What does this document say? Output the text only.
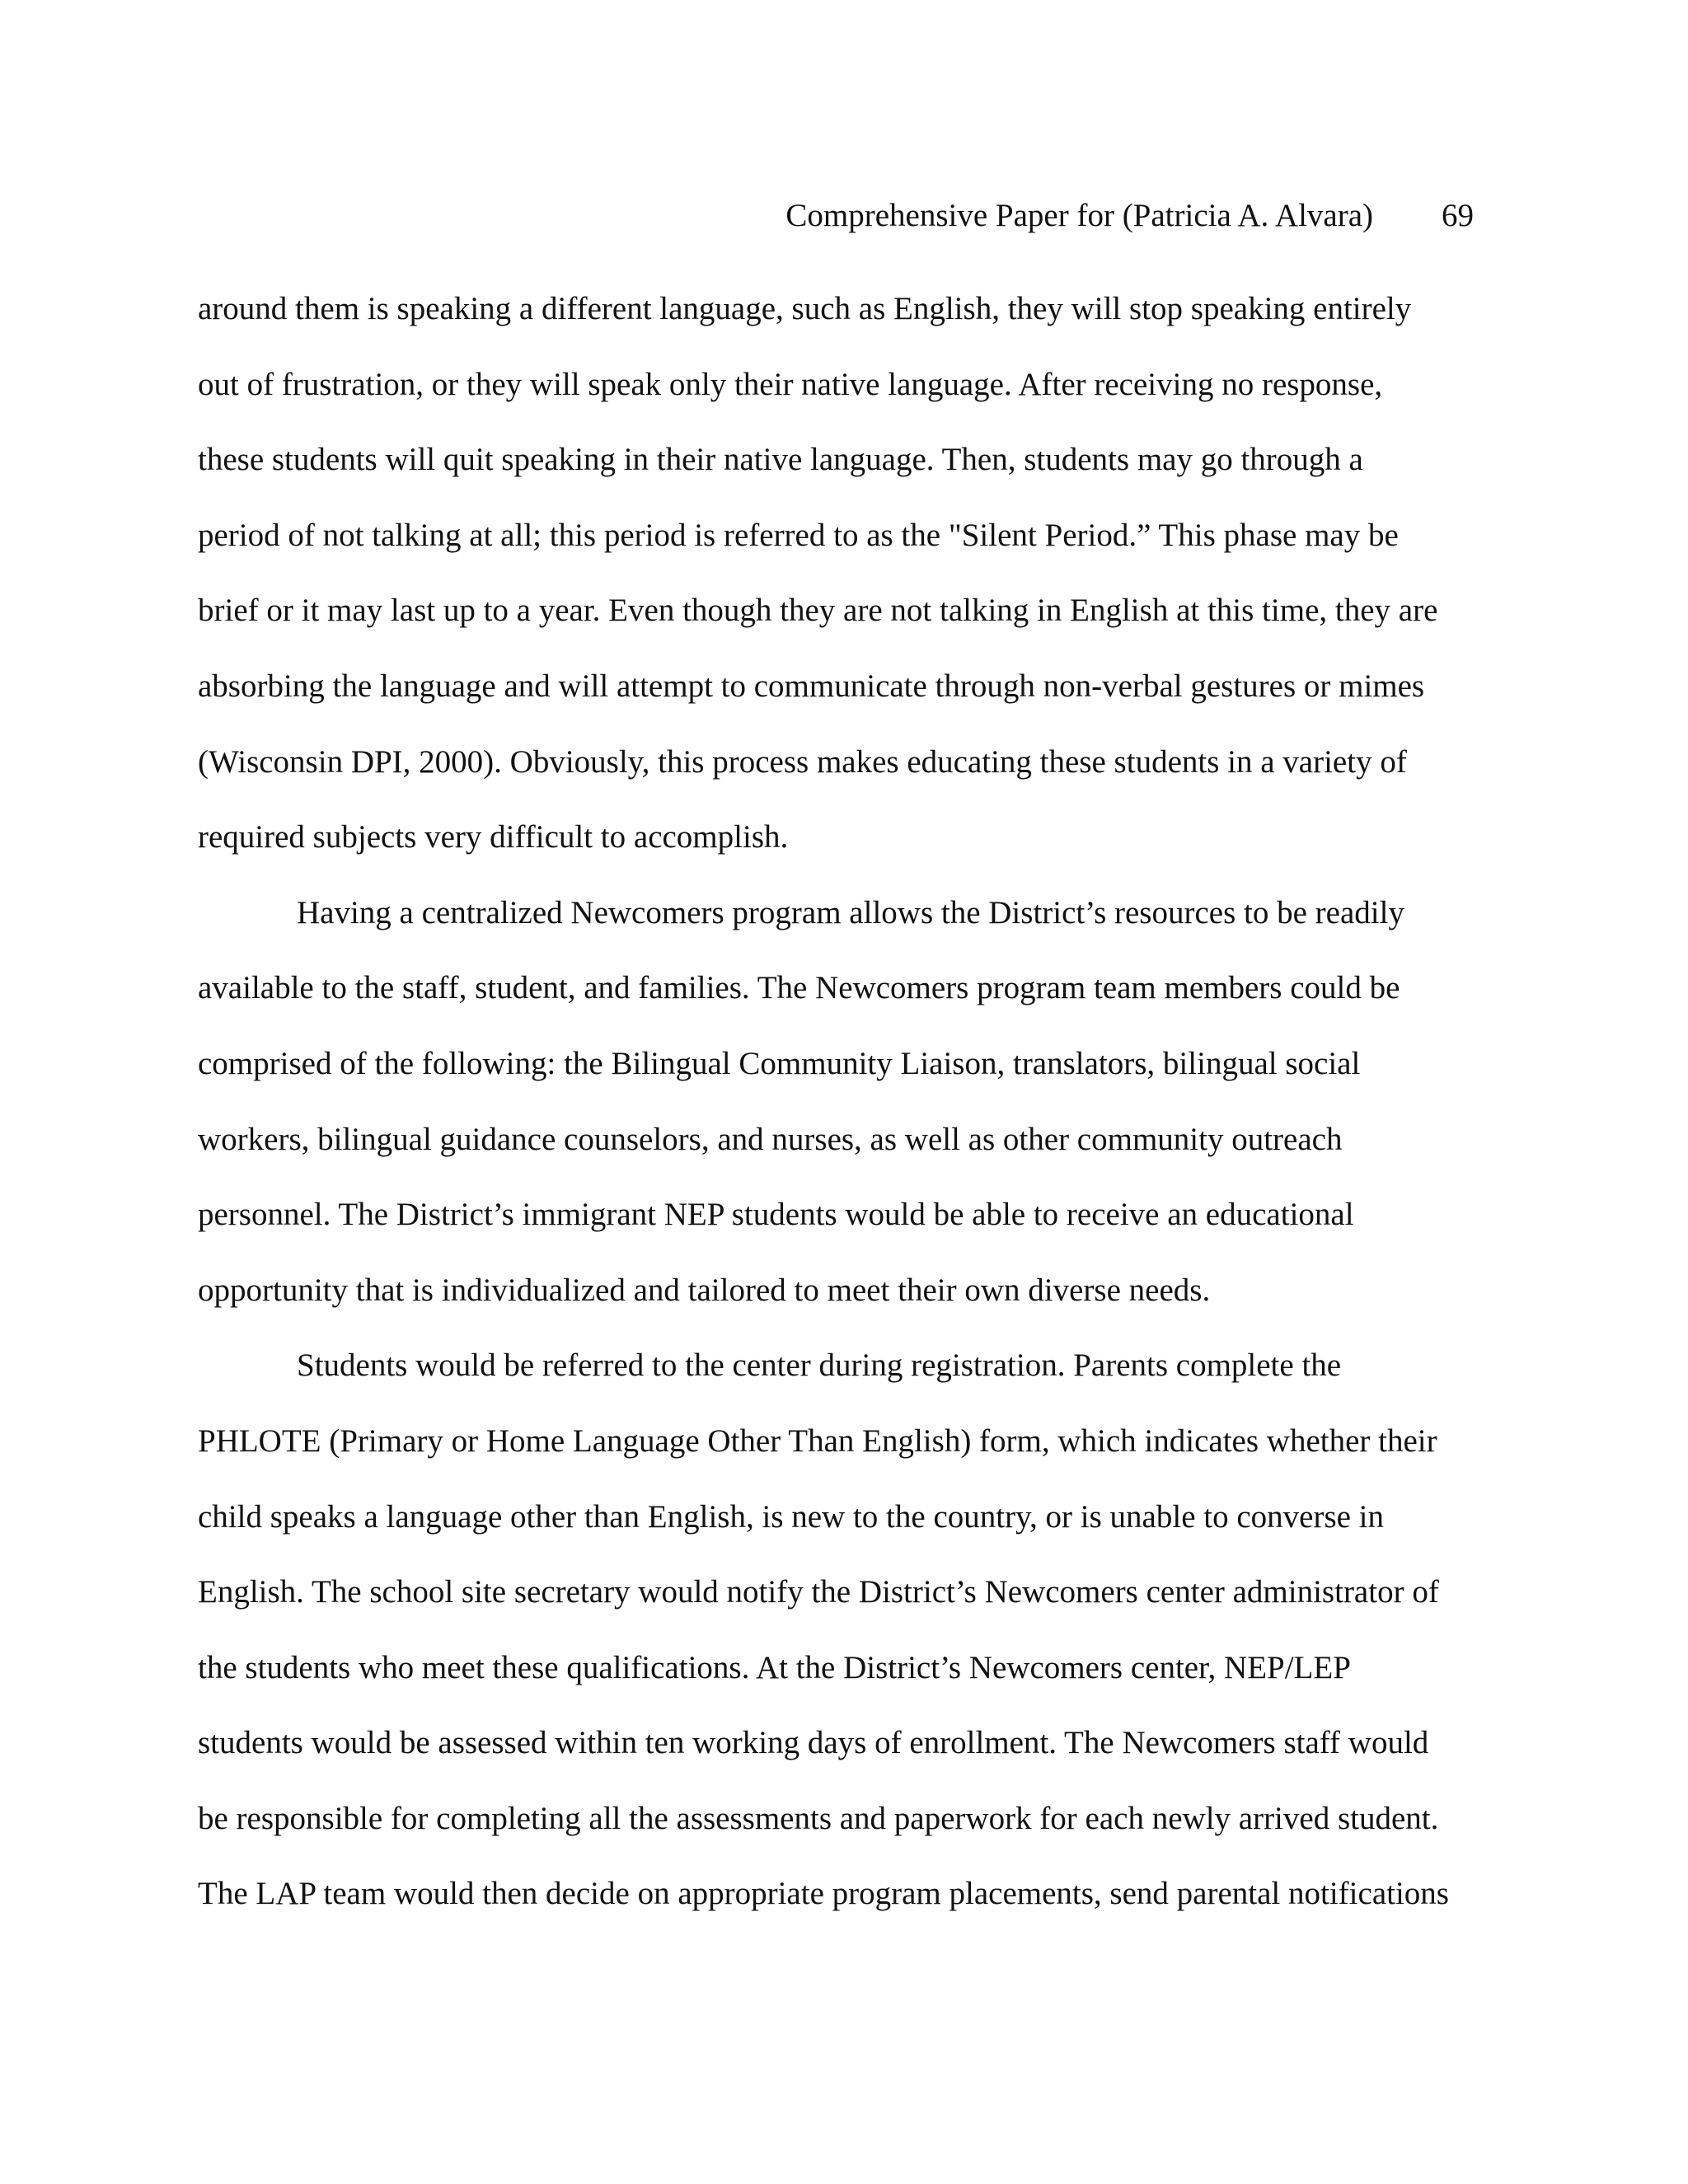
Comprehensive Paper for (Patricia A. Alvara) 69
around them is speaking a different language, such as English, they will stop speaking entirely
out of frustration, or they will speak only their native language. After receiving no response,
these students will quit speaking in their native language. Then, students may go through a
period of not talking at all; this period is referred to as the "Silent Period.” This phase may be
brief or it may last up to a year. Even though they are not talking in English at this time, they are
absorbing the language and will attempt to communicate through non-verbal gestures or mimes
(Wisconsin DPI, 2000). Obviously, this process makes educating these students in a variety of
required subjects very difficult to accomplish.
Having a centralized Newcomers program allows the District’s resources to be readily
available to the staff, student, and families. The Newcomers program team members could be
comprised of the following: the Bilingual Community Liaison, translators, bilingual social
workers, bilingual guidance counselors, and nurses, as well as other community outreach
personnel. The District’s immigrant NEP students would be able to receive an educational
opportunity that is individualized and tailored to meet their own diverse needs.
Students would be referred to the center during registration. Parents complete the
PHLOTE (Primary or Home Language Other Than English) form, which indicates whether their
child speaks a language other than English, is new to the country, or is unable to converse in
English. The school site secretary would notify the District’s Newcomers center administrator of
the students who meet these qualifications. At the District’s Newcomers center, NEP/LEP
students would be assessed within ten working days of enrollment. The Newcomers staff would
be responsible for completing all the assessments and paperwork for each newly arrived student.
The LAP team would then decide on appropriate program placements, send parental notifications
